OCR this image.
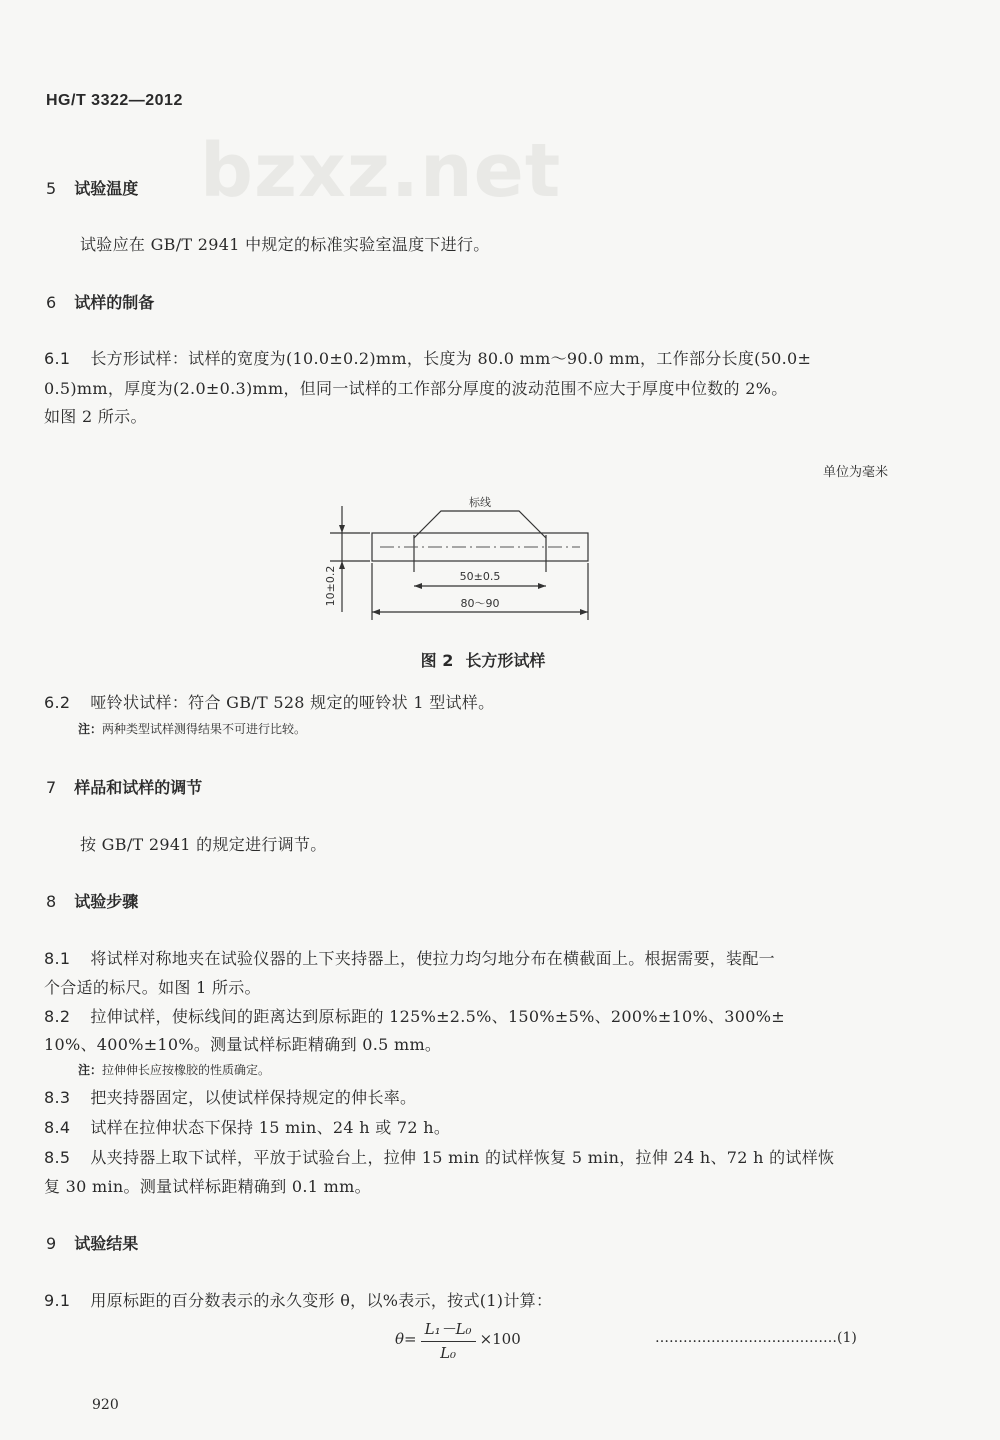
HG/T 3322—2012
bzxz.net
5 试验温度
试验应在 GB/T 2941 中规定的标准实验室温度下进行。
6 试样的制备
6.1 长方形试样：试样的宽度为(10.0±0.2)mm，长度为 80.0 mm～90.0 mm，工作部分长度(50.0±
0.5)mm，厚度为(2.0±0.3)mm，但同一试样的工作部分厚度的波动范围不应大于厚度中位数的 2%。
如图 2 所示。
单位为毫米
标线
50±0.5
80～90
10±0.2
图 2 长方形试样
6.2 哑铃状试样：符合 GB/T 528 规定的哑铃状 1 型试样。
注：两种类型试样测得结果不可进行比较。
7 样品和试样的调节
按 GB/T 2941 的规定进行调节。
8 试验步骤
8.1 将试样对称地夹在试验仪器的上下夹持器上，使拉力均匀地分布在横截面上。根据需要，装配一
个合适的标尺。如图 1 所示。
8.2 拉伸试样，使标线间的距离达到原标距的 125%±2.5%、150%±5%、200%±10%、300%±
10%、400%±10%。测量试样标距精确到 0.5 mm。
注：拉伸伸长应按橡胶的性质确定。
8.3 把夹持器固定，以使试样保持规定的伸长率。
8.4 试样在拉伸状态下保持 15 min、24 h 或 72 h。
8.5 从夹持器上取下试样，平放于试验台上，拉伸 15 min 的试样恢复 5 min，拉伸 24 h、72 h 的试样恢
复 30 min。测量试样标距精确到 0.1 mm。
9 试验结果
9.1 用原标距的百分数表示的永久变形 θ，以%表示，按式(1)计算：
$\theta= \frac{\text{L₁－L₀}}{\text{L₀}} \times 100$	…………………………………(1)
920
